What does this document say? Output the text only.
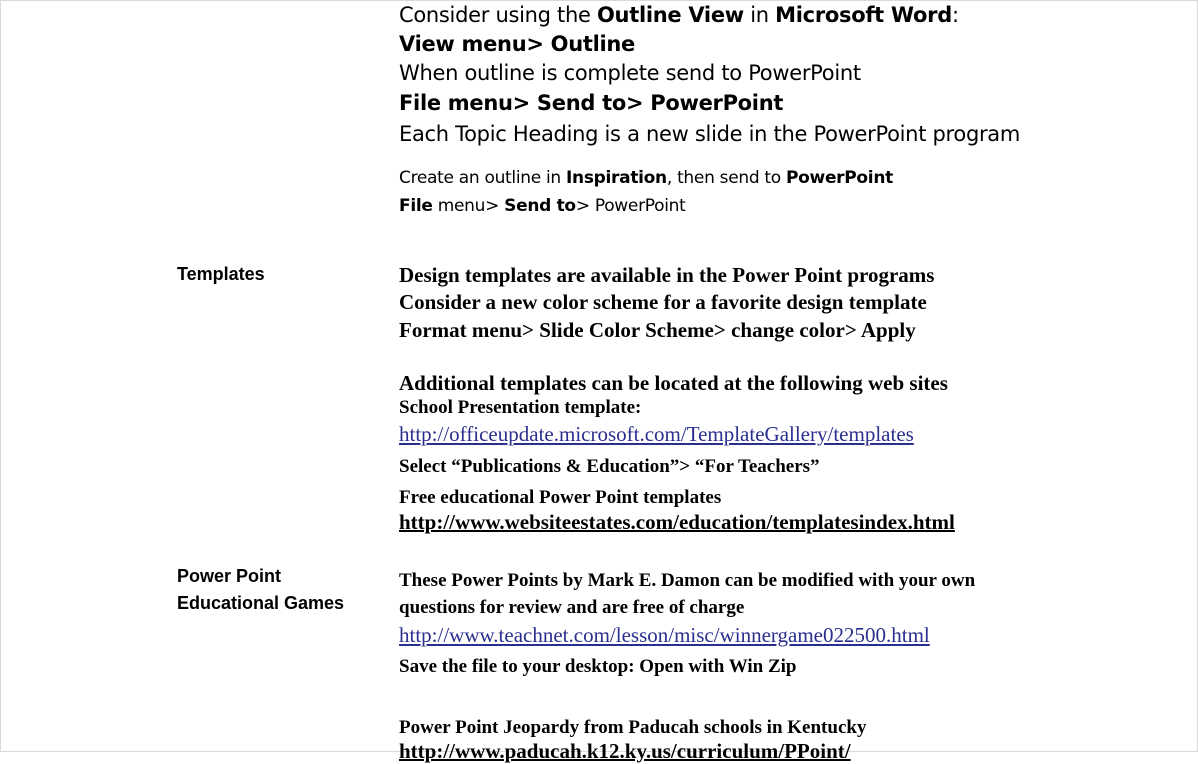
Consider using the Outline View in Microsoft Word:
View menu> Outline
When outline is complete send to PowerPoint
File menu> Send to> PowerPoint
Each Topic Heading is a new slide in the PowerPoint program
Create an outline in Inspiration, then send to PowerPoint
File menu> Send to> PowerPoint
Templates	Design templates are available in the Power Point programs
Consider a new color scheme for a favorite design template
Format menu> Slide Color Scheme> change color> Apply
Additional templates can be located at the following web sites
School Presentation template:
http://officeupdate.microsoft.com/TemplateGallery/templates
Select “Publications & Education”> “For Teachers”
Free educational Power Point templates
http://www.websiteestates.com/education/templatesindex.html
Power Point
Educational Games
These Power Points by Mark E. Damon can be modified with your own
questions for review and are free of charge
http://www.teachnet.com/lesson/misc/winnergame022500.html
Save the file to your desktop: Open with Win Zip
Power Point Jeopardy from Paducah schools in Kentucky
http://www.paducah.k12.ky.us/curriculum/PPoint/
